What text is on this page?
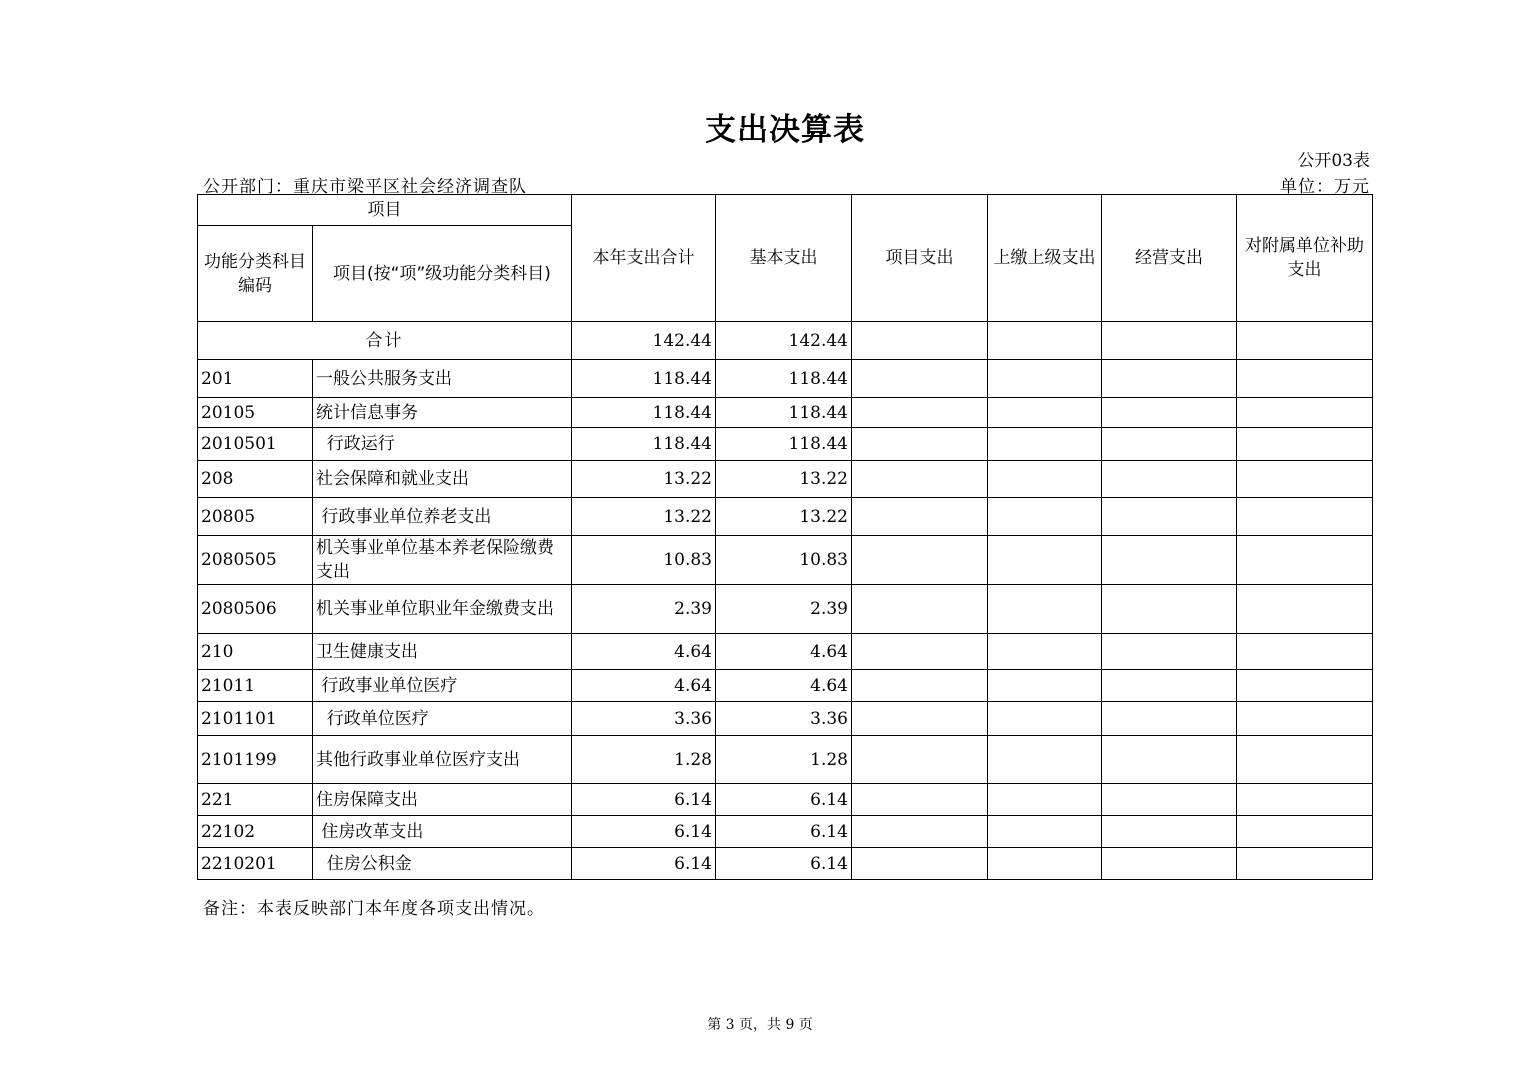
支出决算表
公开03表
公开部门：重庆市梁平区社会经济调查队	单位：万元
项目		本年支出合计	基本支出	项目支出	上缴上级支出	经营支出	对附属单位补助支出
功能分类科目编码	项目(按“项”级功能分类科目)						
合计		142.44	142.44				
201	一般公共服务支出	118.44	118.44				
20105	统计信息事务	118.44	118.44				
2010501	行政运行	118.44	118.44				
208	社会保障和就业支出	13.22	13.22				
20805	行政事业单位养老支出	13.22	13.22				
2080505	机关事业单位基本养老保险缴费支出	10.83	10.83				
2080506	机关事业单位职业年金缴费支出	2.39	2.39				
210	卫生健康支出	4.64	4.64				
21011	行政事业单位医疗	4.64	4.64				
2101101	行政单位医疗	3.36	3.36				
2101199	其他行政事业单位医疗支出	1.28	1.28				
221	住房保障支出	6.14	6.14				
22102	住房改革支出	6.14	6.14				
2210201	住房公积金	6.14	6.14				
备注：本表反映部门本年度各项支出情况。
第 3 页，共 9 页
